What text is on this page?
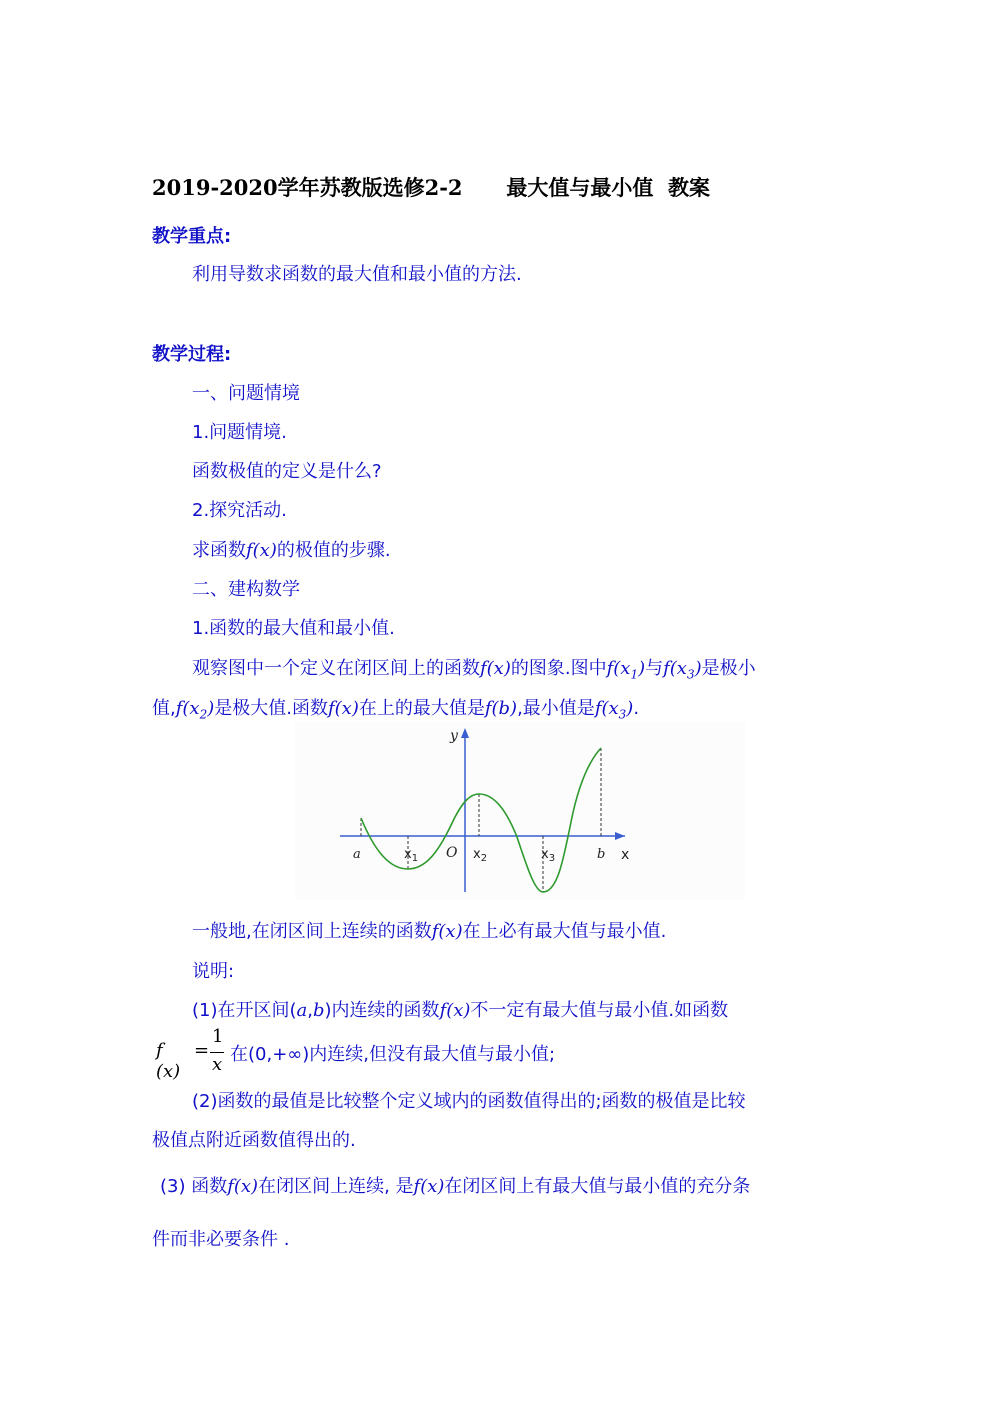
2019-2020学年苏教版选修2-2      最大值与最小值  教案
教学重点:
利用导数求函数的最大值和最小值的方法.
教学过程:
一、问题情境
1.问题情境.
函数极值的定义是什么?
2.探究活动.
求函数f(x)的极值的步骤.
二、建构数学
1.函数的最大值和最小值.
观察图中一个定义在闭区间上的函数f(x)的图象.图中$f(x_1)$与$f(x_3)$是极小
值$,f(x_2)$是极大值.函数f(x)在上的最大值是f(b),最小值是$f(x_3)$.
y
a	$x_1$ O $x_2$	$x_3$	b x
一般地,在闭区间上连续的函数f(x)在上必有最大值与最小值.
说明:
(1)在开区间(a,b)内连续的函数f(x)不一定有最大值与最小值.如函数
f (x)
=
1
x 在(0,+∞)内连续,但没有最大值与最小值;
(2)函数的最值是比较整个定义域内的函数值得出的;函数的极值是比较
极值点附近函数值得出的.
(3) 函数f(x)在闭区间上连续, 是f(x)在闭区间上有最大值与最小值的充分条
件而非必要条件 .
